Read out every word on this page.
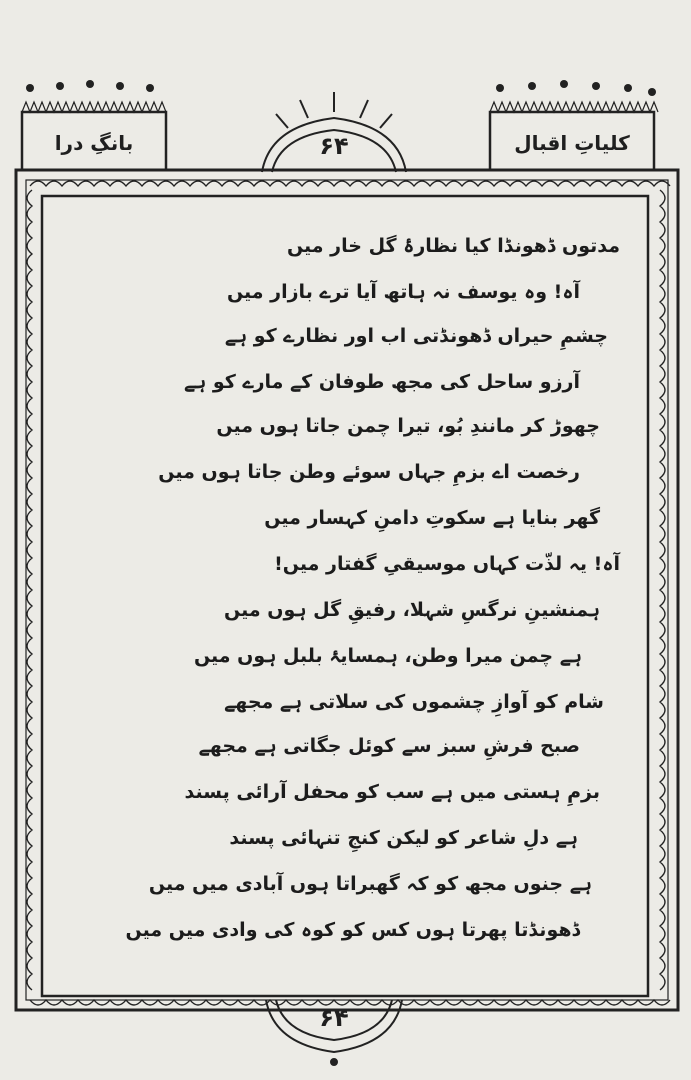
بانگِ درا	کلیاتِ اقبال
۶۴
۶۴
مدتوں ڈھونڈا کیا نظارۂ گل خار میں
آہ! وہ یوسف نہ ہاتھ آیا ترے بازار میں
چشمِ حیراں ڈھونڈتی اب اور نظارے کو ہے
آرزو ساحل کی مجھ طوفان کے مارے کو ہے
چھوڑ کر مانندِ بُو، تیرا چمن جاتا ہوں میں
رخصت اے بزمِ جہاں سوئے وطن جاتا ہوں میں
گھر بنایا ہے سکوتِ دامنِ کہسار میں
آہ! یہ لذّت کہاں موسیقیِ گفتار میں!
ہمنشینِ نرگسِ شہلا، رفیقِ گل ہوں میں
ہے چمن میرا وطن، ہمسایۂ بلبل ہوں میں
شام کو آوازِ چشموں کی سلاتی ہے مجھے
صبح فرشِ سبز سے کوئل جگاتی ہے مجھے
بزمِ ہستی میں ہے سب کو محفل آرائی پسند
ہے دلِ شاعر کو لیکن کنجِ تنہائی پسند
ہے جنوں مجھ کو کہ گھبراتا ہوں آبادی میں میں
ڈھونڈتا پھرتا ہوں کس کو کوہ کی وادی میں میں
